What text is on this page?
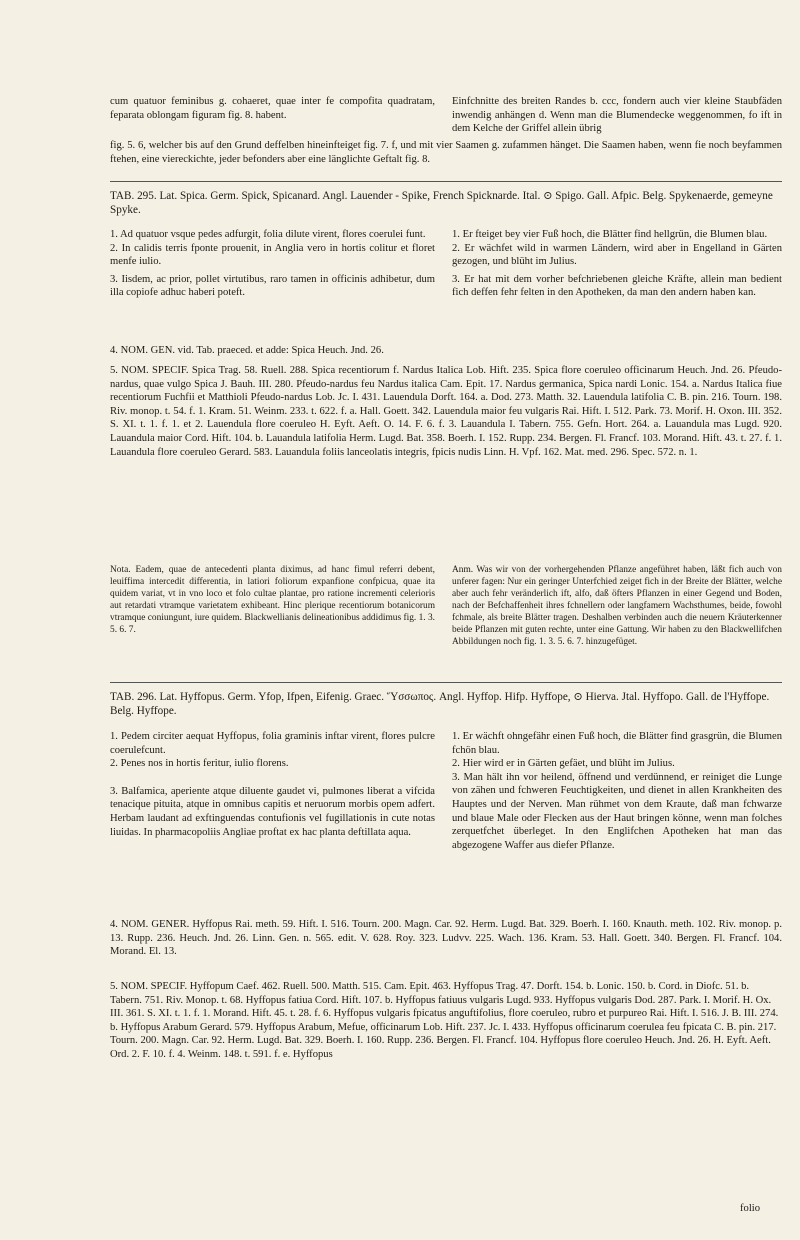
cum quatuor feminibus g. cohaeret, quae inter fe compofita quadratam, feparata oblongam figuram fig. 8. habent.

Einfchnitte des breiten Randes b. ccc, fondern auch vier kleine Staubfäden inwendig anhängen d. Wenn man die Blumendecke weggenommen, fo ift in dem Kelche der Griffel allein übrig

fig. 5. 6, welcher bis auf den Grund deffelben hineinfteiget fig. 7. f, und mit vier Saamen g. zufammen hänget. Die Saamen haben, wenn fie noch beyfammen ftehen, eine viereckichte, jeder befonders aber eine länglichte Geftalt fig. 8.

TAB. 295. Lat. Spica. Germ. Spick, Spicanard. Angl. Lauender - Spike, French Spicknarde. Ital. ⊙ Spigo. Gall. Afpic. Belg. Spykenaerde, gemeyne Spyke.

1. Ad quatuor vsque pedes adfurgit, folia dilute virent, flores coerulei funt.

2. In calidis terris fponte prouenit, in Anglia vero in hortis colitur et floret menfe iulio.

3. Iisdem, ac prior, pollet virtutibus, raro tamen in officinis adhibetur, dum illa copiofe adhuc haberi poteft.

1. Er fteiget bey vier Fuß hoch, die Blätter find hellgrün, die Blumen blau.

2. Er wächfet wild in warmen Ländern, wird aber in Engelland in Gärten gezogen, und blüht im Julius.

3. Er hat mit dem vorher befchriebenen gleiche Kräfte, allein man bedient fich deffen fehr felten in den Apotheken, da man den andern haben kan.

4. NOM. GEN. vid. Tab. praeced. et adde: Spica Heuch. Jnd. 26.

5. NOM. SPECIF. Spica Trag. 58. Ruell. 288. Spica recentiorum f. Nardus Italica Lob. Hift. 235. Spica flore coeruleo officinarum Heuch. Jnd. 26. Pfeudo-nardus, quae vulgo Spica J. Bauh. III. 280. Pfeudo-nardus feu Nardus italica Cam. Epit. 17. Nardus germanica, Spica nardi Lonic. 154. a. Nardus Italica fiue recentiorum Fuchfii et Matthioli Pfeudo-nardus Lob. Jc. I. 431. Lauendula Dorft. 164. a. Dod. 273. Matth. 32. Lauendula latifolia C. B. pin. 216. Tourn. 198. Riv. monop. t. 54. f. 1. Kram. 51. Weinm. 233. t. 622. f. a. Hall. Goett. 342. Lauendula maior feu vulgaris Rai. Hift. I. 512. Park. 73. Morif. H. Oxon. III. 352. S. XI. t. 1. f. 1. et 2. Lauendula flore coeruleo H. Eyft. Aeft. O. 14. F. 6. f. 3. Lauandula I. Tabern. 755. Gefn. Hort. 264. a. Lauandula mas Lugd. 920. Lauandula maior Cord. Hift. 104. b. Lauandula latifolia Herm. Lugd. Bat. 358. Boerh. I. 152. Rupp. 234. Bergen. Fl. Francf. 103. Morand. Hift. 43. t. 27. f. 1. Lauandula flore coeruleo Gerard. 583. Lauandula foliis lanceolatis integris, fpicis nudis Linn. H. Vpf. 162. Mat. med. 296. Spec. 572. n. 1.

Nota. Eadem, quae de antecedenti planta diximus, ad hanc fimul referri debent, leuiffima intercedit differentia, in latiori foliorum expanfione confpicua, quae ita quidem variat, vt in vno loco et folo cultae plantae, pro ratione incrementi celerioris aut retardati vtramque varietatem exhibeant. Hinc plerique recentiorum botanicorum vtramque coniungunt, iure quidem. Blackwellianis delineationibus addidimus fig. 1. 3. 5. 6. 7.

Anm. Was wir von der vorhergehenden Pflanze angeführet haben, läßt fich auch von unferer fagen: Nur ein geringer Unterfchied zeiget fich in der Breite der Blätter, welche aber auch fehr veränderlich ift, alfo, daß öfters Pflanzen in einer Gegend und Boden, nach der Befchaffenheit ihres fchnellern oder langfamern Wachsthumes, beide, fowohl fchmale, als breite Blätter tragen. Deshalben verbinden auch die neuern Kräuterkenner beide Pflanzen mit guten rechte, unter eine Gattung. Wir haben zu den Blackwellifchen Abbildungen noch fig. 1. 3. 5. 6. 7. hinzugefüget.

TAB. 296. Lat. Hyffopus. Germ. Yfop, Ifpen, Eifenig. Graec. Ὕσσωπος. Angl. Hyffop. Hifp. Hyffope, ⊙ Hierva. Jtal. Hyffopo. Gall. de l'Hyffope. Belg. Hyffope.

1. Pedem circiter aequat Hyffopus, folia graminis inftar virent, flores pulcre coerulefcunt.

2. Penes nos in hortis feritur, iulio florens.

3. Balfamica, aperiente atque diluente gaudet vi, pulmones liberat a vifcida tenacique pituita, atque in omnibus capitis et neruorum morbis opem adfert. Herbam laudant ad exftinguendas contufionis vel fugillationis in cute notas liuidas. In pharmacopoliis Angliae proftat ex hac planta deftillata aqua.

1. Er wächft ohngefähr einen Fuß hoch, die Blätter find grasgrün, die Blumen fchön blau.

2. Hier wird er in Gärten gefäet, und blüht im Julius.

3. Man hält ihn vor heilend, öffnend und verdünnend, er reiniget die Lunge von zähen und fchweren Feuchtigkeiten, und dienet in allen Krankheiten des Hauptes und der Nerven. Man rühmet von dem Kraute, daß man fchwarze und blaue Male oder Flecken aus der Haut bringen könne, wenn man folches zerquetfchet überleget. In den Englifchen Apotheken hat man das abgezogene Waffer aus diefer Pflanze.

4. NOM. GENER. Hyffopus Rai. meth. 59. Hift. I. 516. Tourn. 200. Magn. Car. 92. Herm. Lugd. Bat. 329. Boerh. I. 160. Knauth. meth. 102. Riv. monop. p. 13. Rupp. 236. Heuch. Jnd. 26. Linn. Gen. n. 565. edit. V. 628. Roy. 323. Ludvv. 225. Wach. 136. Kram. 53. Hall. Goett. 340. Bergen. Fl. Francf. 104. Morand. El. 13.

5. NOM. SPECIF. Hyffopum Caef. 462. Ruell. 500. Matth. 515. Cam. Epit. 463. Hyffopus Trag. 47. Dorft. 154. b. Lonic. 150. b. Cord. in Diofc. 51. b. Tabern. 751. Riv. Monop. t. 68. Hyffopus fatiua Cord. Hift. 107. b. Hyffopus fatiuus vulgaris Lugd. 933. Hyffopus vulgaris Dod. 287. Park. I. Morif. H. Ox. III. 361. S. XI. t. 1. f. 1. Morand. Hift. 45. t. 28. f. 6. Hyffopus vulgaris fpicatus anguftifolius, flore coeruleo, rubro et purpureo Rai. Hift. I. 516. J. B. III. 274. b. Hyffopus Arabum Gerard. 579. Hyffopus Arabum, Mefue, officinarum Lob. Hift. 237. Jc. I. 433. Hyffopus officinarum coerulea feu fpicata C. B. pin. 217. Tourn. 200. Magn. Car. 92. Herm. Lugd. Bat. 329. Boerh. I. 160. Rupp. 236. Bergen. Fl. Francf. 104. Hyffopus flore coeruleo Heuch. Jnd. 26. H. Eyft. Aeft. Ord. 2. F. 10. f. 4. Weinm. 148. t. 591. f. e. Hyffopus

folio
